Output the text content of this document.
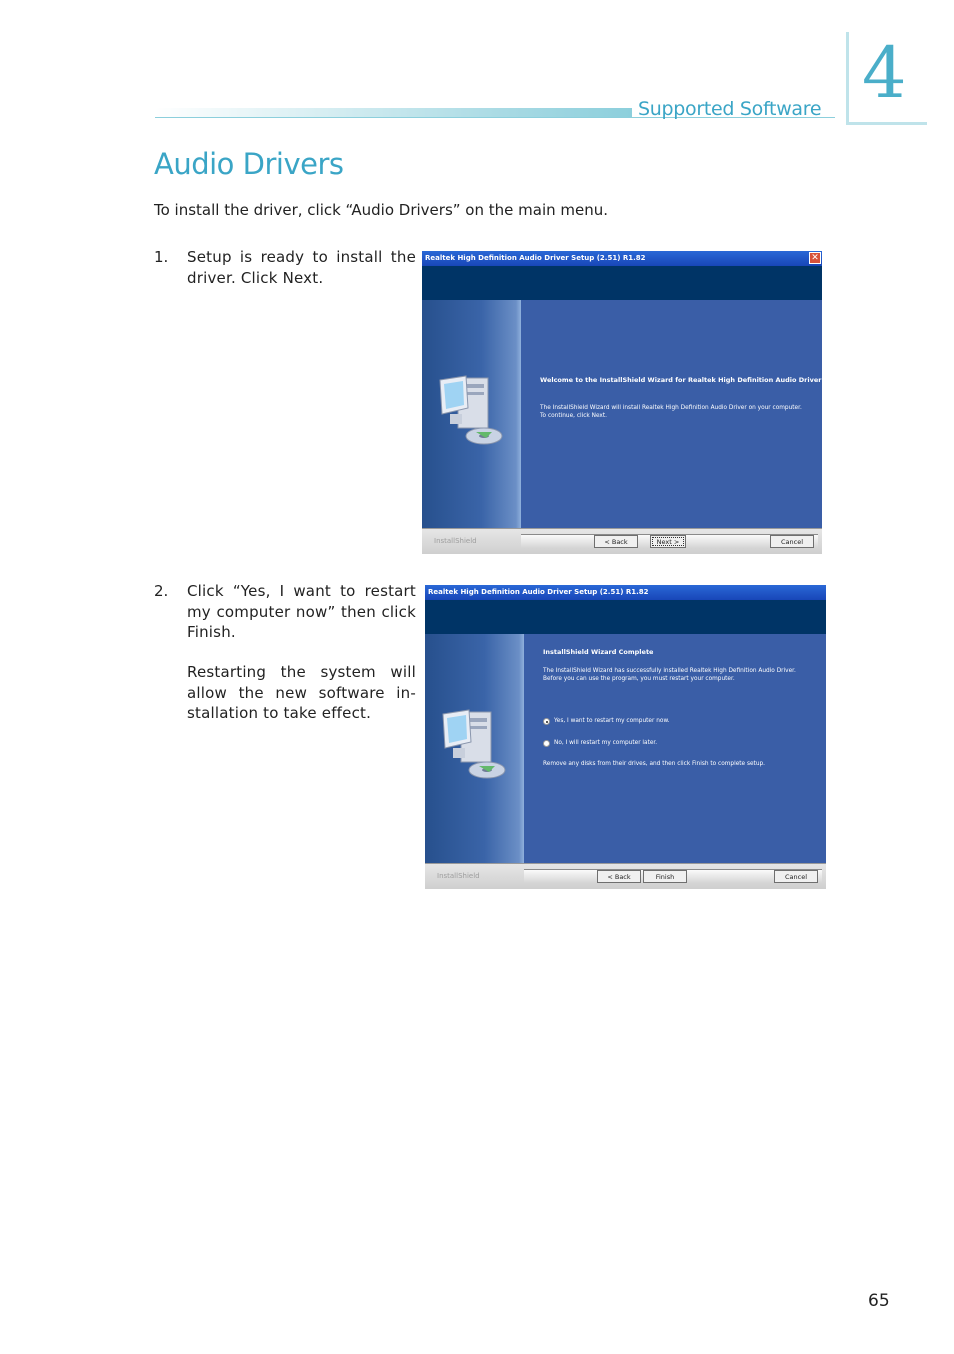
Supported Software 4
Audio Drivers
To install the driver, click “Audio Drivers” on the main menu.
1. Setup is ready to install the driver. Click Next.
Realtek High Definition Audio Driver Setup (2.51) R1.82	✕
Welcome to the InstallShield Wizard for Realtek High Definition Audio Driver
The InstallShield Wizard will install Realtek High Definition Audio Driver on your computer. To continue, click Next.
InstallShield	< Back	Next >	Cancel
2. Click “Yes, I want to restart my computer now” then click Finish.
Restarting the system will allow the new software in-stallation to take effect.
Realtek High Definition Audio Driver Setup (2.51) R1.82
InstallShield Wizard Complete
The InstallShield Wizard has successfully installed Realtek High Definition Audio Driver. Before you can use the program, you must restart your computer.
Yes, I want to restart my computer now.
No, I will restart my computer later.
Remove any disks from their drives, and then click Finish to complete setup.
InstallShield	< Back	Finish	Cancel
65
